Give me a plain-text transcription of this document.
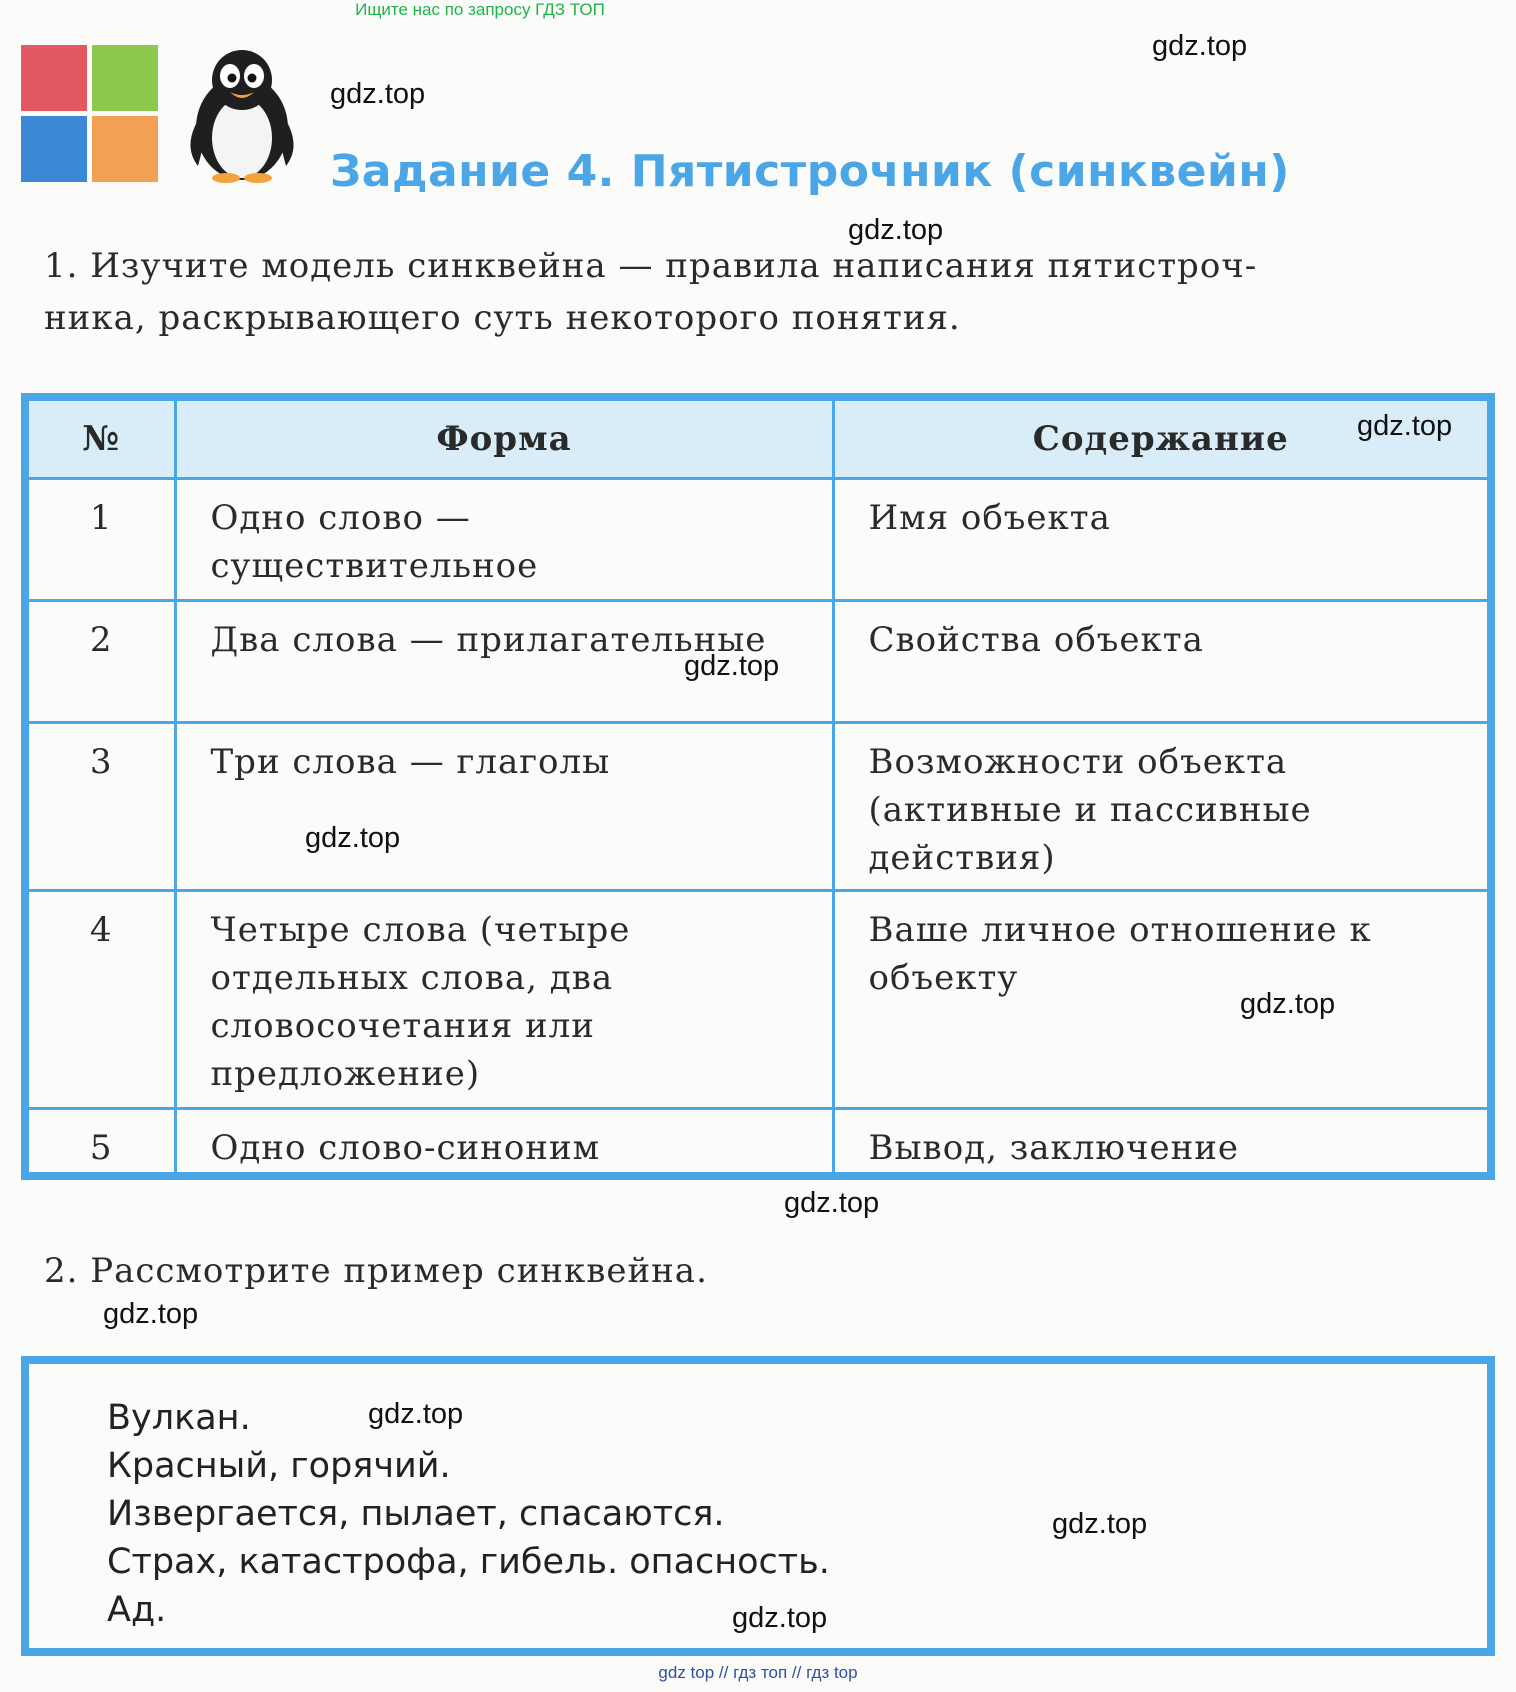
Ищите нас по запросу ГДЗ ТОП
Задание 4. Пятистрочник (синквейн)
1. Изучите модель синквейна — правила написания пятистроч-
ника, раскрывающего суть некоторого понятия.
№	Форма	Содержание
1	Одно слово — существительное	Имя объекта
2	Два слова — прилагательные	Свойства объекта
3	Три слова — глаголы	Возможности объекта (активные и пассивные действия)
4	Четыре слова (четыре отдельных слова, два словосочетания или предложение)	Ваше личное отношение к объекту
5	Одно слово-синоним	Вывод, заключение
2. Рассмотрите пример синквейна.
Вулкан.
Красный, горячий.
Извергается, пылает, спасаются.
Страх, катастрофа, гибель. опасность.
Ад.
gdz.top
gdz.top
gdz.top
gdz.top
gdz.top
gdz.top
gdz.top
gdz.top
gdz.top
gdz.top
gdz.top
gdz.top
gdz top // гдз топ // гдз top
